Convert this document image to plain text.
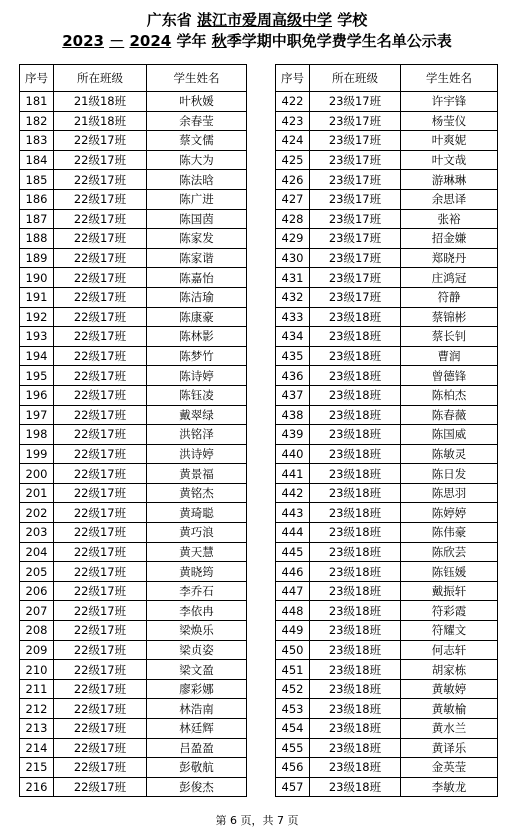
广东省 湛江市爱周高级中学 学校
2023 － 2024 学年 秋季学期中职免学费学生名单公示表
序号	所在班级	学生姓名
181	21级18班	叶秋媛
182	21级18班	余春莹
183	22级17班	蔡文儒
184	22级17班	陈大为
185	22级17班	陈法晗
186	22级17班	陈广进
187	22级17班	陈国茵
188	22级17班	陈家发
189	22级17班	陈家谐
190	22级17班	陈嘉怡
191	22级17班	陈洁瑜
192	22级17班	陈康豪
193	22级17班	陈林影
194	22级17班	陈梦竹
195	22级17班	陈诗婷
196	22级17班	陈钰凌
197	22级17班	戴翠绿
198	22级17班	洪铭泽
199	22级17班	洪诗婷
200	22级17班	黄景福
201	22级17班	黄铭杰
202	22级17班	黄琦聪
203	22级17班	黄巧浪
204	22级17班	黄天慧
205	22级17班	黄晓筠
206	22级17班	李乔石
207	22级17班	李依冉
208	22级17班	梁焕乐
209	22级17班	梁贞姿
210	22级17班	梁文盈
211	22级17班	廖彩娜
212	22级17班	林浩南
213	22级17班	林廷辉
214	22级17班	吕盈盈
215	22级17班	彭敬航
216	22级17班	彭俊杰
序号	所在班级	学生姓名
422	23级17班	许宇锋
423	23级17班	杨莹仪
424	23级17班	叶爽妮
425	23级17班	叶文哉
426	23级17班	游琳琳
427	23级17班	余思译
428	23级17班	张裕
429	23级17班	招金嫌
430	23级17班	郑晓丹
431	23级17班	庄鸿冠
432	23级17班	符静
433	23级18班	蔡锦彬
434	23级18班	蔡长钊
435	23级18班	曹润
436	23级18班	曾德锋
437	23级18班	陈柏杰
438	23级18班	陈春薇
439	23级18班	陈国威
440	23级18班	陈敏灵
441	23级18班	陈日发
442	23级18班	陈思羽
443	23级18班	陈婷婷
444	23级18班	陈伟豪
445	23级18班	陈欣芸
446	23级18班	陈钰媛
447	23级18班	戴振轩
448	23级18班	符彩霞
449	23级18班	符耀文
450	23级18班	何志轩
451	23级18班	胡家栋
452	23级18班	黄敏婷
453	23级18班	黄敏榆
454	23级18班	黄水兰
455	23级18班	黄译乐
456	23级18班	金英莹
457	23级18班	李敏龙
第 6 页，共 7 页
